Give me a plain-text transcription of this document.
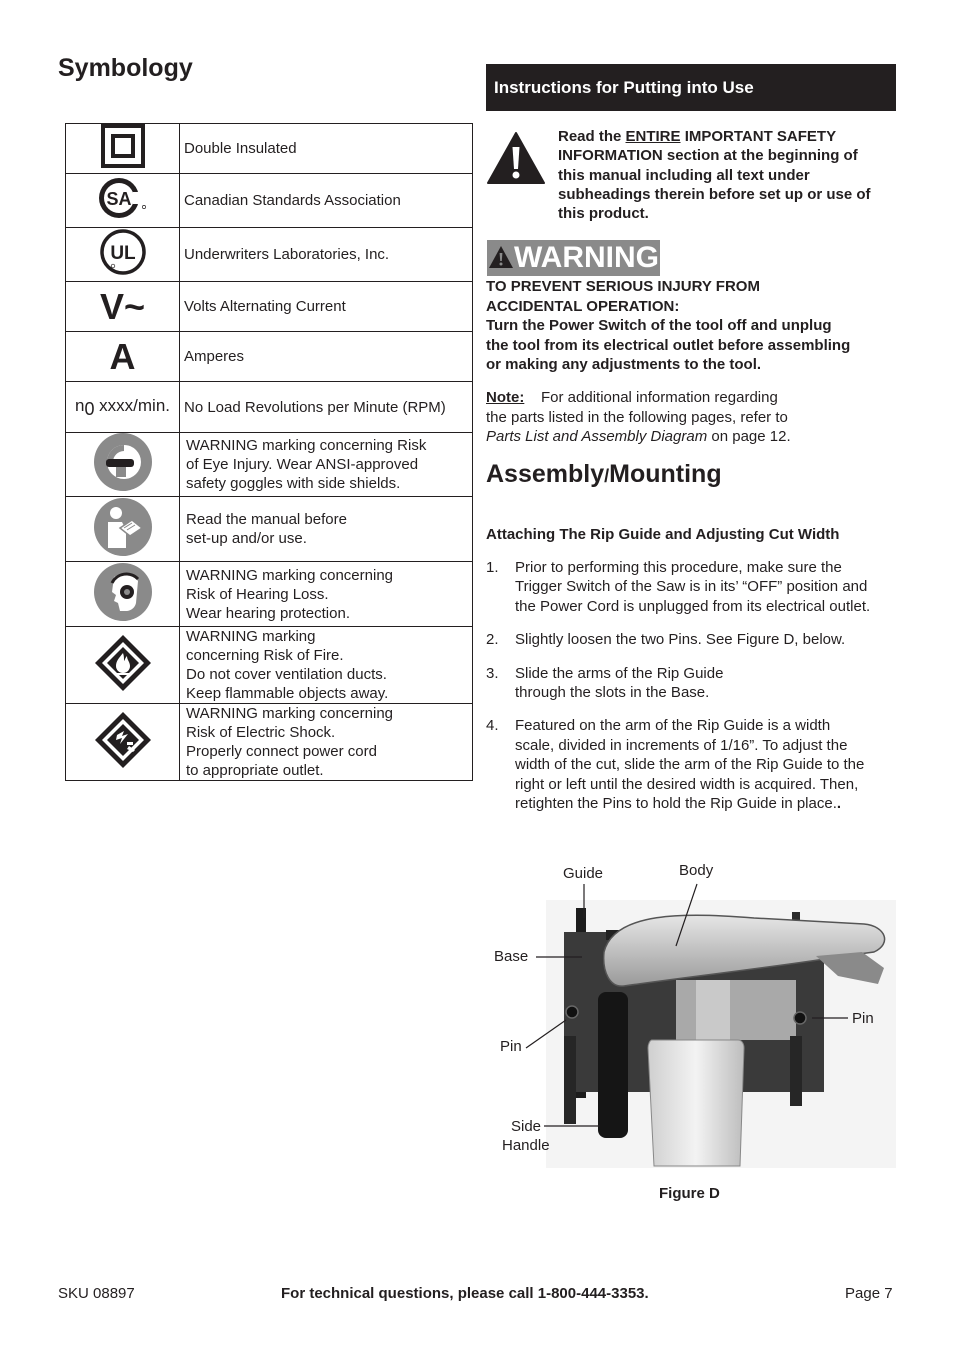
Symbology
	Double Insulated

SA	Canadian Standards Association

UL	Underwriters Laboratories, Inc.
V~	Volts Alternating Current
A	Amperes
$n_0$ xxxx/min.	No Load Revolutions per Minute (RPM)
	WARNING marking concerning Risk
of Eye Injury. Wear ANSI-approved
safety goggles with side shields.
	Read the manual before
set-up and/or use.
	WARNING marking concerning
Risk of Hearing Loss.
Wear hearing protection.
	WARNING marking
concerning Risk of Fire.
Do not cover ventilation ducts.
Keep flammable objects away.
	WARNING marking concerning
Risk of Electric Shock.
Properly connect power cord
to appropriate outlet.
Instructions for Putting into Use
Read the ENTIRE IMPORTANT SAFETY INFORMATION section at the beginning of this manual including all text under subheadings therein before set up or use of this product.
WARNING
TO PREVENT SERIOUS INJURY FROM
ACCIDENTAL OPERATION:
Turn the Power Switch of the tool off and unplug
the tool from its electrical outlet before assembling
or making any adjustments to the tool.
Note: For additional information regarding
the parts listed in the following pages, refer to
Parts List and Assembly Diagram on page 12.
Assembly/Mounting
Attaching The Rip Guide and Adjusting Cut Width
1.	Prior to performing this procedure, make sure the
Trigger Switch of the Saw is in its’ “OFF” position and
the Power Cord is unplugged from its electrical outlet.
2.	Slightly loosen the two Pins. See Figure D, below.
3.	Slide the arms of the Rip Guide
through the slots in the Base.
4.	Featured on the arm of the Rip Guide is a width
scale, divided in increments of 1/16”. To adjust the
width of the cut, slide the arm of the Rip Guide to the
right or left until the desired width is acquired. Then,
retighten the Pins to hold the Rip Guide in place..
Guide	Body
Base
Pin
Pin
Side
Handle
Figure D
SKU 08897	For technical questions, please call 1-800-444-3353.	Page 7
